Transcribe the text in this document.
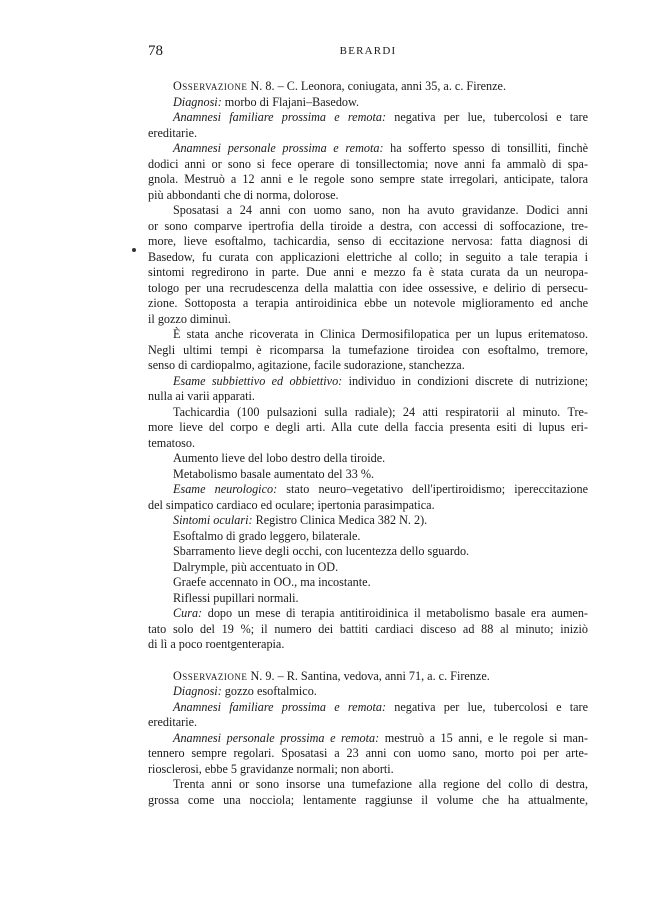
78	BERARDI

Osservazione N. 8. – C. Leonora, coniugata, anni 35, a. c. Firenze.

Diagnosi: morbo di Flajani–Basedow.

Anamnesi familiare prossima e remota: negativa per lue, tubercolosi e tare
ereditarie.

Anamnesi personale prossima e remota: ha sofferto spesso di tonsilliti, finchè
dodici anni or sono si fece operare di tonsillectomia; nove anni fa ammalò di spa-
gnola. Mestruò a 12 anni e le regole sono sempre state irregolari, anticipate, talora
più abbondanti che di norma, dolorose.

Sposatasi a 24 anni con uomo sano, non ha avuto gravidanze. Dodici anni
or sono comparve ipertrofia della tiroide a destra, con accessi di soffocazione, tre-
more, lieve esoftalmo, tachicardia, senso di eccitazione nervosa: fatta diagnosi di
Basedow, fu curata con applicazioni elettriche al collo; in seguito a tale terapia i
sintomi regredirono in parte. Due anni e mezzo fa è stata curata da un neuropa-
tologo per una recrudescenza della malattia con idee ossessive, e delirio di persecu-
zione. Sottoposta a terapia antiroidinica ebbe un notevole miglioramento ed anche
il gozzo diminuì.

È stata anche ricoverata in Clinica Dermosifilopatica per un lupus eritematoso.
Negli ultimi tempi è ricomparsa la tumefazione tiroidea con esoftalmo, tremore,
senso di cardiopalmo, agitazione, facile sudorazione, stanchezza.

Esame subbiettivo ed obbiettivo: individuo in condizioni discrete di nutrizione;
nulla ai varii apparati.

Tachicardia (100 pulsazioni sulla radiale); 24 atti respiratorii al minuto. Tre-
more lieve del corpo e degli arti. Alla cute della faccia presenta esiti di lupus eri-
tematoso.

Aumento lieve del lobo destro della tiroide.

Metabolismo basale aumentato del 33 %.

Esame neurologico: stato neuro–vegetativo dell'ipertiroidismo; ipereccitazione
del simpatico cardiaco ed oculare; ipertonia parasimpatica.

Sintomi oculari: Registro Clinica Medica 382 N. 2).

Esoftalmo di grado leggero, bilaterale.

Sbarramento lieve degli occhi, con lucentezza dello sguardo.

Dalrymple, più accentuato in OD.

Graefe accennato in OO., ma incostante.

Riflessi pupillari normali.

Cura: dopo un mese di terapia antitiroidinica il metabolismo basale era aumen-
tato solo del 19 %; il numero dei battiti cardiaci disceso ad 88 al minuto; iniziò
di lì a poco roentgenterapia.

Osservazione N. 9. – R. Santina, vedova, anni 71, a. c. Firenze.

Diagnosi: gozzo esoftalmico.

Anamnesi familiare prossima e remota: negativa per lue, tubercolosi e tare
ereditarie.

Anamnesi personale prossima e remota: mestruò a 15 anni, e le regole si man-
tennero sempre regolari. Sposatasi a 23 anni con uomo sano, morto poi per arte-
riosclerosi, ebbe 5 gravidanze normali; non aborti.

Trenta anni or sono insorse una tumefazione alla regione del collo di destra,
grossa come una nocciola; lentamente raggiunse il volume che ha attualmente,
